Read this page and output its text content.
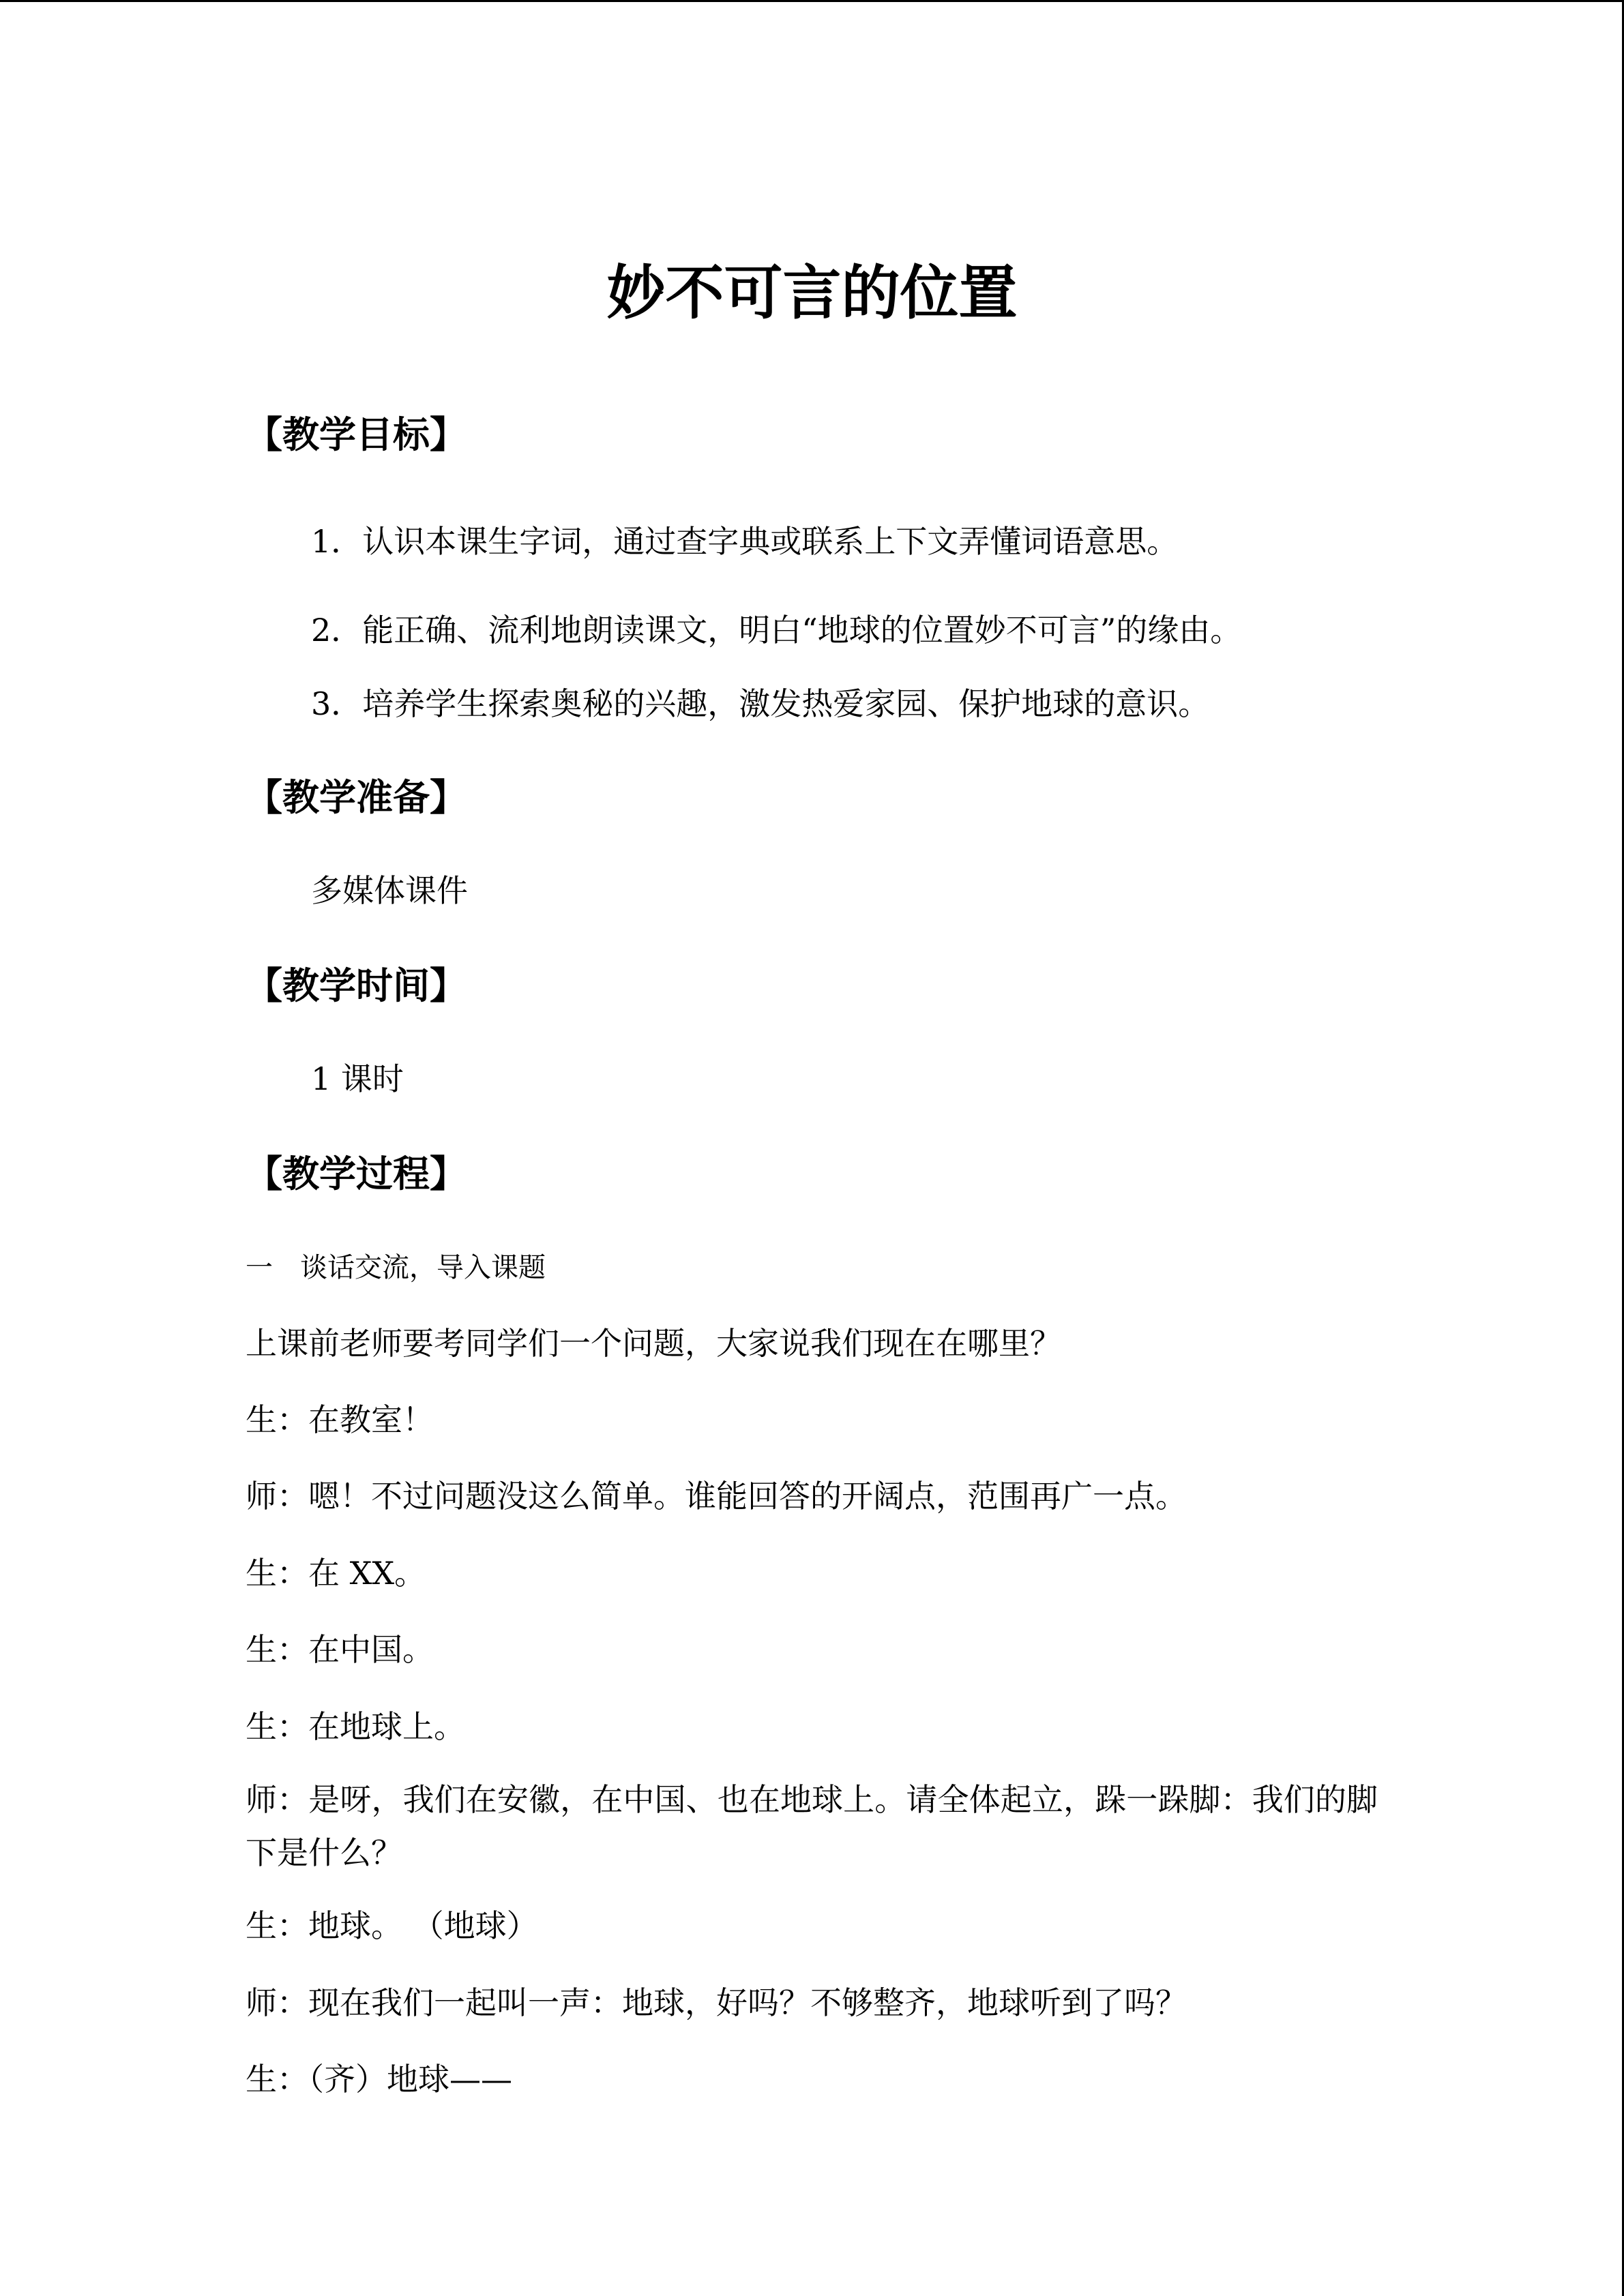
妙不可言的位置
【教学目标】
1．认识本课生字词，通过查字典或联系上下文弄懂词语意思。
2．能正确、流利地朗读课文，明白“地球的位置妙不可言”的缘由。
3．培养学生探索奥秘的兴趣，激发热爱家园、保护地球的意识。
【教学准备】
多媒体课件
【教学时间】
1 课时
【教学过程】
一　谈话交流，导入课题
上课前老师要考同学们一个问题，大家说我们现在在哪里？
生：在教室！
师：嗯！不过问题没这么简单。谁能回答的开阔点，范围再广一点。
生：在 XX。
生：在中国。
生：在地球上。
师：是呀，我们在安徽，在中国、也在地球上。请全体起立，跺一跺脚：我们的脚下是什么？
生：地球。 （地球）
师：现在我们一起叫一声：地球，好吗？不够整齐，地球听到了吗？
生：（齐）地球——
